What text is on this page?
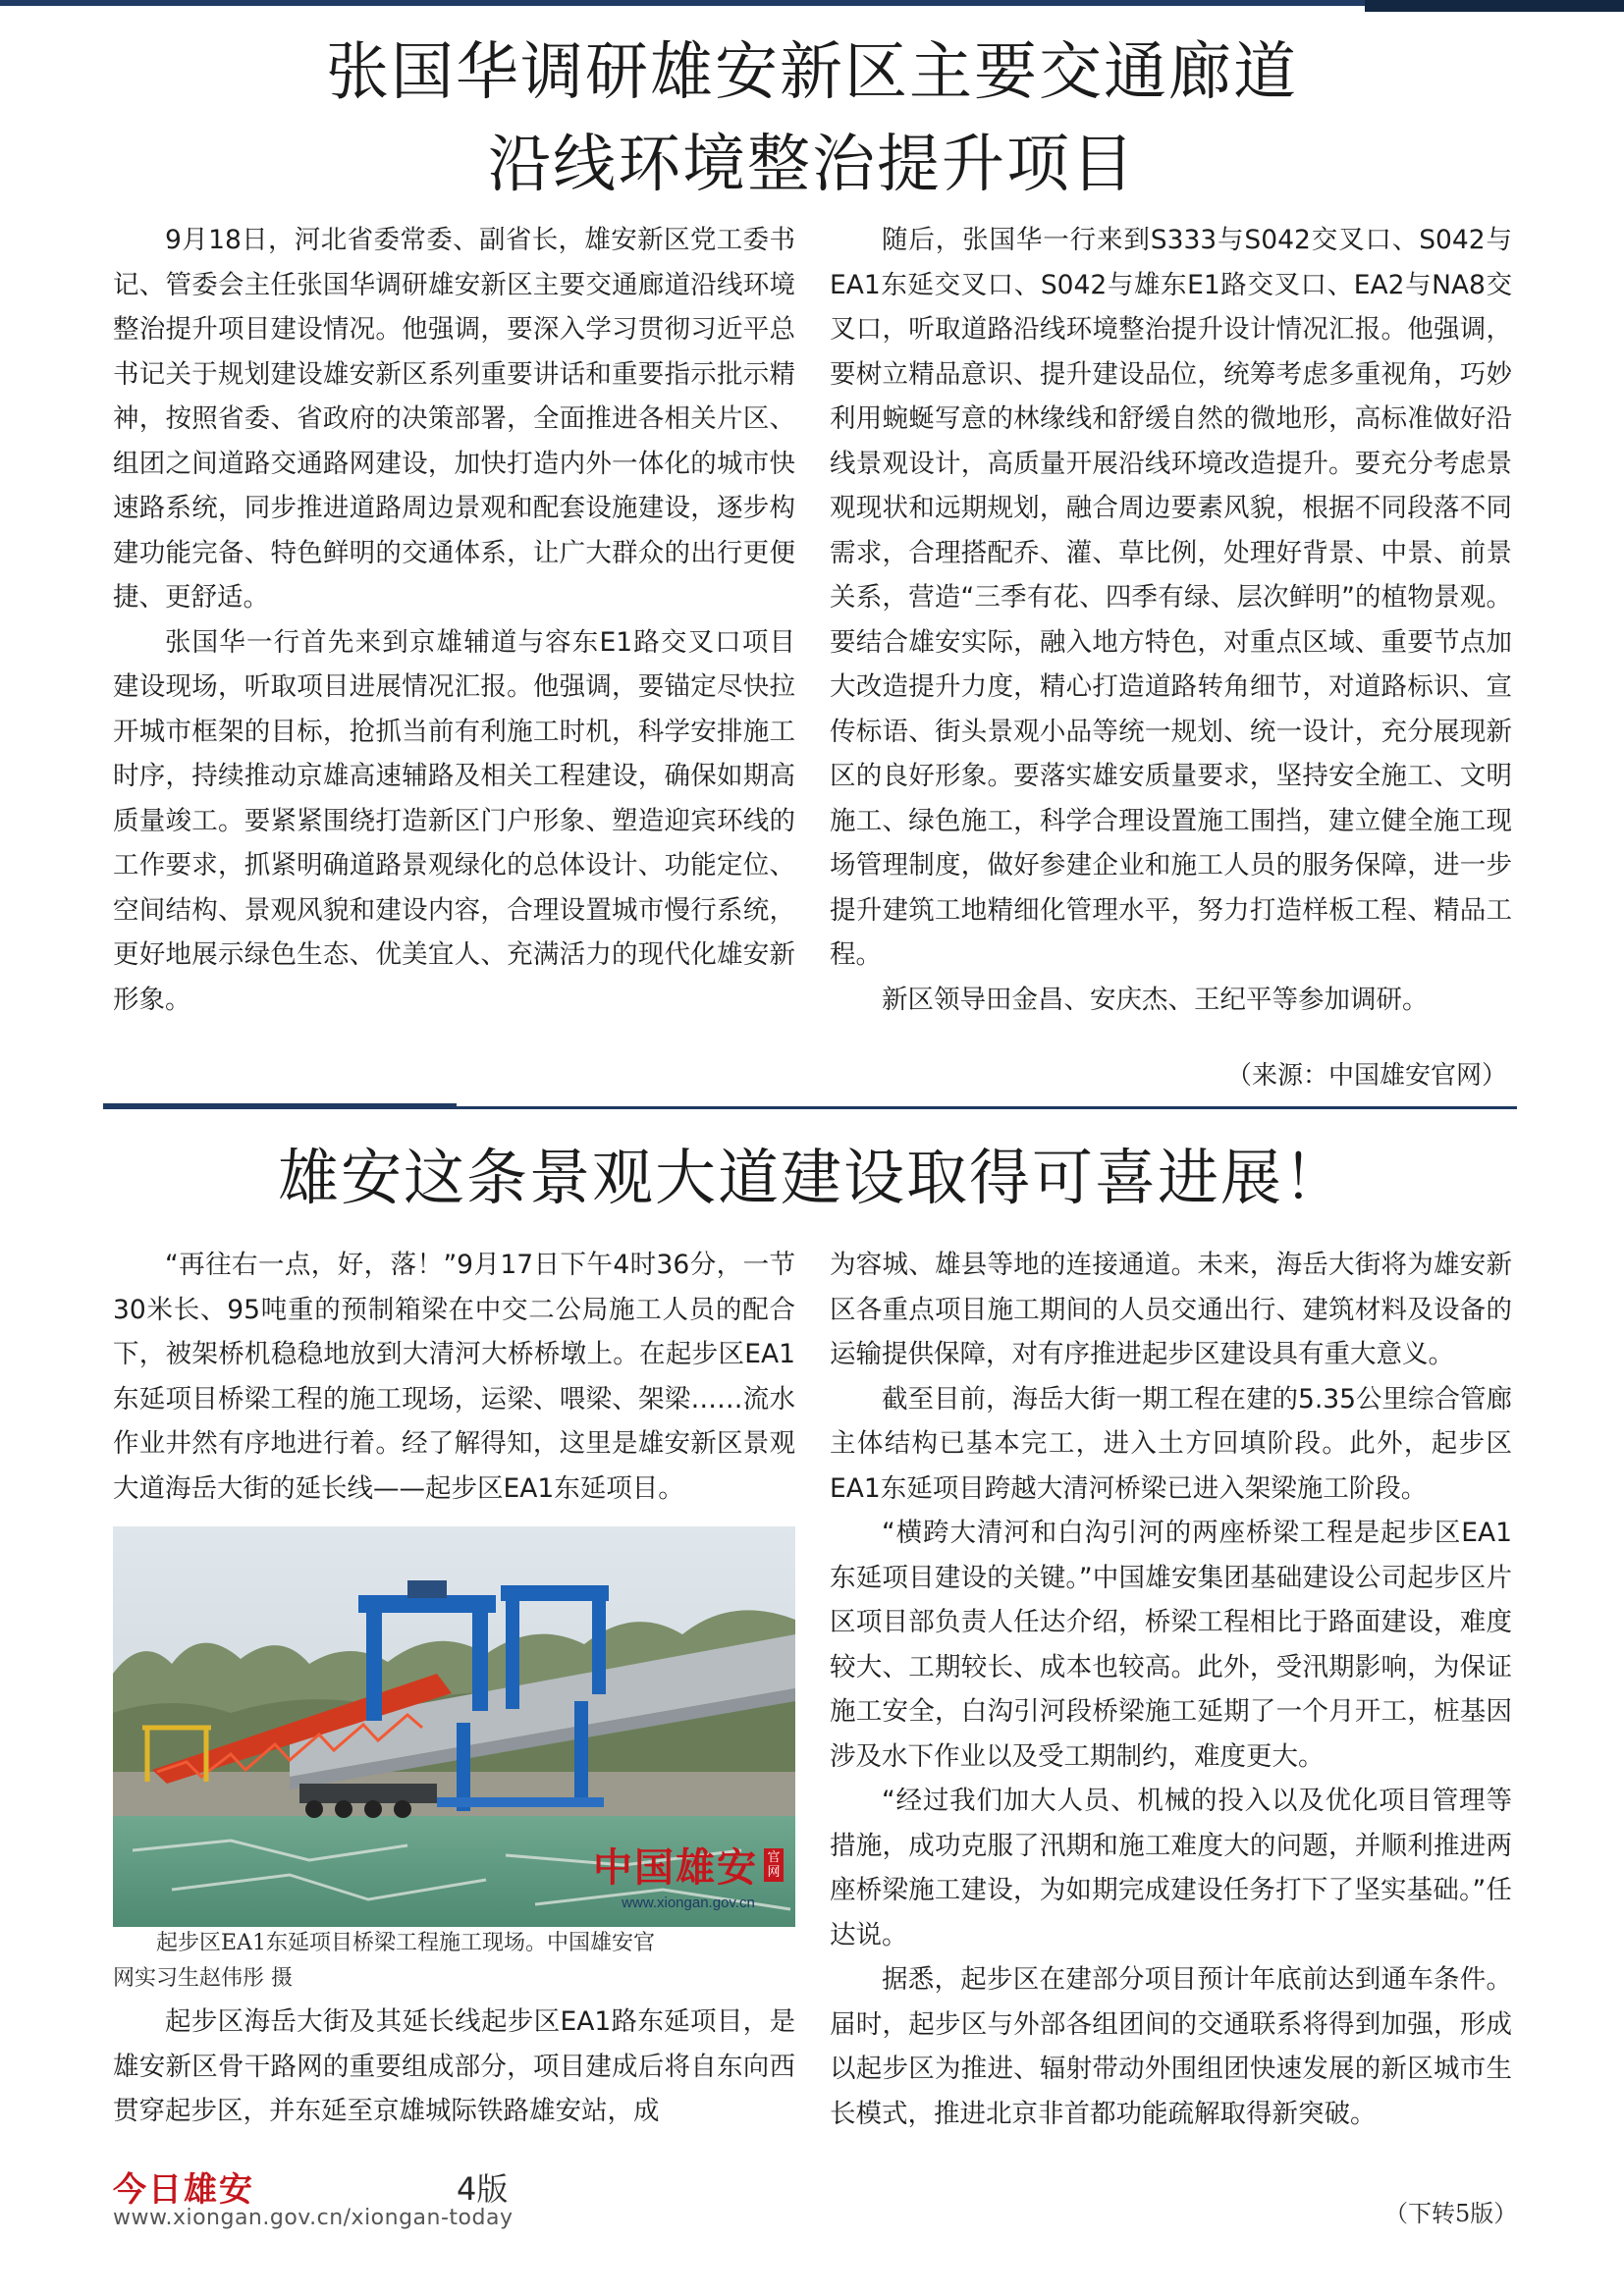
张国华调研雄安新区主要交通廊道
沿线环境整治提升项目

9月18日，河北省委常委、副省长，雄安新区党工委书记、管委会主任张国华调研雄安新区主要交通廊道沿线环境整治提升项目建设情况。他强调，要深入学习贯彻习近平总书记关于规划建设雄安新区系列重要讲话和重要指示批示精神，按照省委、省政府的决策部署，全面推进各相关片区、组团之间道路交通路网建设，加快打造内外一体化的城市快速路系统，同步推进道路周边景观和配套设施建设，逐步构建功能完备、特色鲜明的交通体系，让广大群众的出行更便捷、更舒适。

张国华一行首先来到京雄辅道与容东E1路交叉口项目建设现场，听取项目进展情况汇报。他强调，要锚定尽快拉开城市框架的目标，抢抓当前有利施工时机，科学安排施工时序，持续推动京雄高速辅路及相关工程建设，确保如期高质量竣工。要紧紧围绕打造新区门户形象、塑造迎宾环线的工作要求，抓紧明确道路景观绿化的总体设计、功能定位、空间结构、景观风貌和建设内容，合理设置城市慢行系统，更好地展示绿色生态、优美宜人、充满活力的现代化雄安新形象。

随后，张国华一行来到S333与S042交叉口、S042与EA1东延交叉口、S042与雄东E1路交叉口、EA2与NA8交叉口，听取道路沿线环境整治提升设计情况汇报。他强调，要树立精品意识、提升建设品位，统筹考虑多重视角，巧妙利用蜿蜒写意的林缘线和舒缓自然的微地形，高标准做好沿线景观设计，高质量开展沿线环境改造提升。要充分考虑景观现状和远期规划，融合周边要素风貌，根据不同段落不同需求，合理搭配乔、灌、草比例，处理好背景、中景、前景关系，营造“三季有花、四季有绿、层次鲜明”的植物景观。要结合雄安实际，融入地方特色，对重点区域、重要节点加大改造提升力度，精心打造道路转角细节，对道路标识、宣传标语、街头景观小品等统一规划、统一设计，充分展现新区的良好形象。要落实雄安质量要求，坚持安全施工、文明施工、绿色施工，科学合理设置施工围挡，建立健全施工现场管理制度，做好参建企业和施工人员的服务保障，进一步提升建筑工地精细化管理水平，努力打造样板工程、精品工程。

新区领导田金昌、安庆杰、王纪平等参加调研。

（来源：中国雄安官网）
雄安这条景观大道建设取得可喜进展！

“再往右一点，好，落！”9月17日下午4时36分，一节30米长、95吨重的预制箱梁在中交二公局施工人员的配合下，被架桥机稳稳地放到大清河大桥桥墩上。在起步区EA1东延项目桥梁工程的施工现场，运梁、喂梁、架梁……流水作业井然有序地进行着。经了解得知，这里是雄安新区景观大道海岳大街的延长线——起步区EA1东延项目。

中国雄安 官网
www.xiongan.gov.cn
起步区EA1东延项目桥梁工程施工现场。中国雄安官
网实习生赵伟彤 摄

起步区海岳大街及其延长线起步区EA1路东延项目，是雄安新区骨干路网的重要组成部分，项目建成后将自东向西贯穿起步区，并东延至京雄城际铁路雄安站，成

为容城、雄县等地的连接通道。未来，海岳大街将为雄安新区各重点项目施工期间的人员交通出行、建筑材料及设备的运输提供保障，对有序推进起步区建设具有重大意义。

截至目前，海岳大街一期工程在建的5.35公里综合管廊主体结构已基本完工，进入土方回填阶段。此外，起步区EA1东延项目跨越大清河桥梁已进入架梁施工阶段。

“横跨大清河和白沟引河的两座桥梁工程是起步区EA1东延项目建设的关键。”中国雄安集团基础建设公司起步区片区项目部负责人任达介绍，桥梁工程相比于路面建设，难度较大、工期较长、成本也较高。此外，受汛期影响，为保证施工安全，白沟引河段桥梁施工延期了一个月开工，桩基因涉及水下作业以及受工期制约，难度更大。

“经过我们加大人员、机械的投入以及优化项目管理等措施，成功克服了汛期和施工难度大的问题，并顺利推进两座桥梁施工建设，为如期完成建设任务打下了坚实基础。”任达说。

据悉，起步区在建部分项目预计年底前达到通车条件。届时，起步区与外部各组团间的交通联系将得到加强，形成以起步区为推进、辐射带动外围组团快速发展的新区城市生长模式，推进北京非首都功能疏解取得新突破。

今日雄安	4版
www.xiongan.gov.cn/xiongan-today	（下转5版）
